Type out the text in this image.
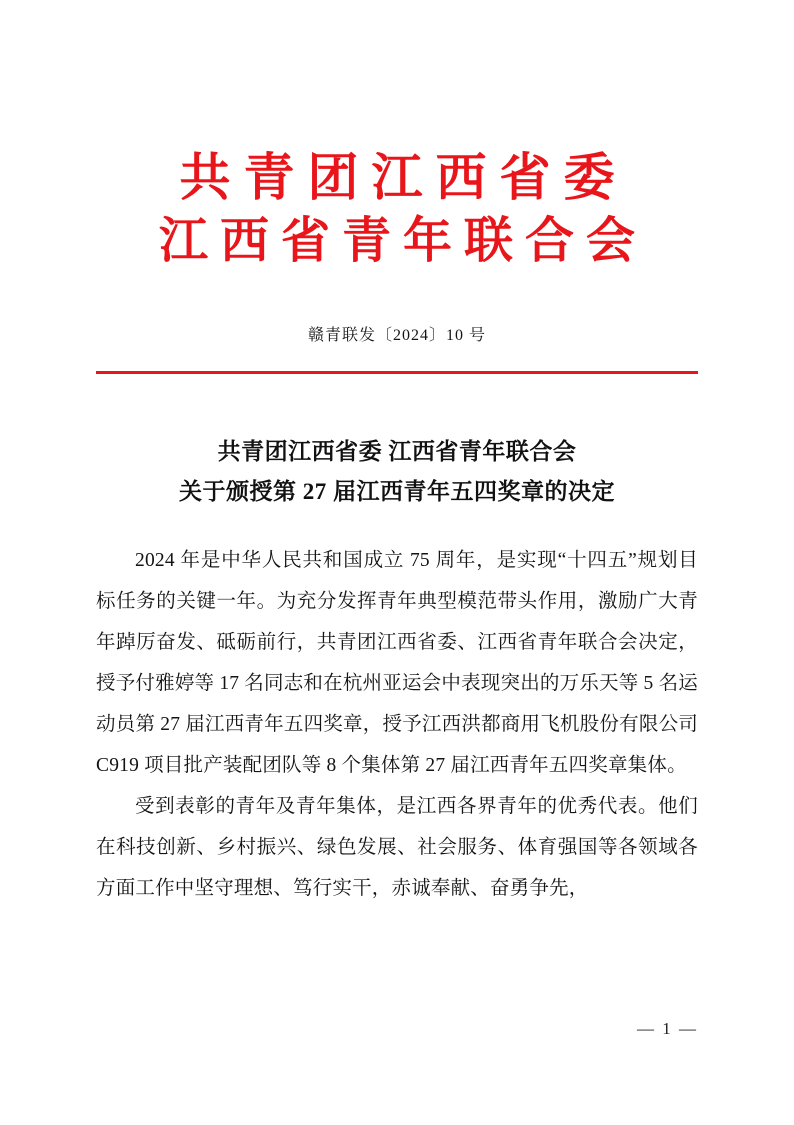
共青团江西省委
江西省青年联合会
赣青联发〔2024〕10 号
共青团江西省委 江西省青年联合会
关于颁授第 27 届江西青年五四奖章的决定

2024 年是中华人民共和国成立 75 周年，是实现“十四五”规划目标任务的关键一年。为充分发挥青年典型模范带头作用，激励广大青年踔厉奋发、砥砺前行，共青团江西省委、江西省青年联合会决定，授予付雅婷等 17 名同志和在杭州亚运会中表现突出的万乐天等 5 名运动员第 27 届江西青年五四奖章，授予江西洪都商用飞机股份有限公司 C919 项目批产装配团队等 8 个集体第 27 届江西青年五四奖章集体。

受到表彰的青年及青年集体，是江西各界青年的优秀代表。他们在科技创新、乡村振兴、绿色发展、社会服务、体育强国等各领域各方面工作中坚守理想、笃行实干，赤诚奉献、奋勇争先，

— 1 —
